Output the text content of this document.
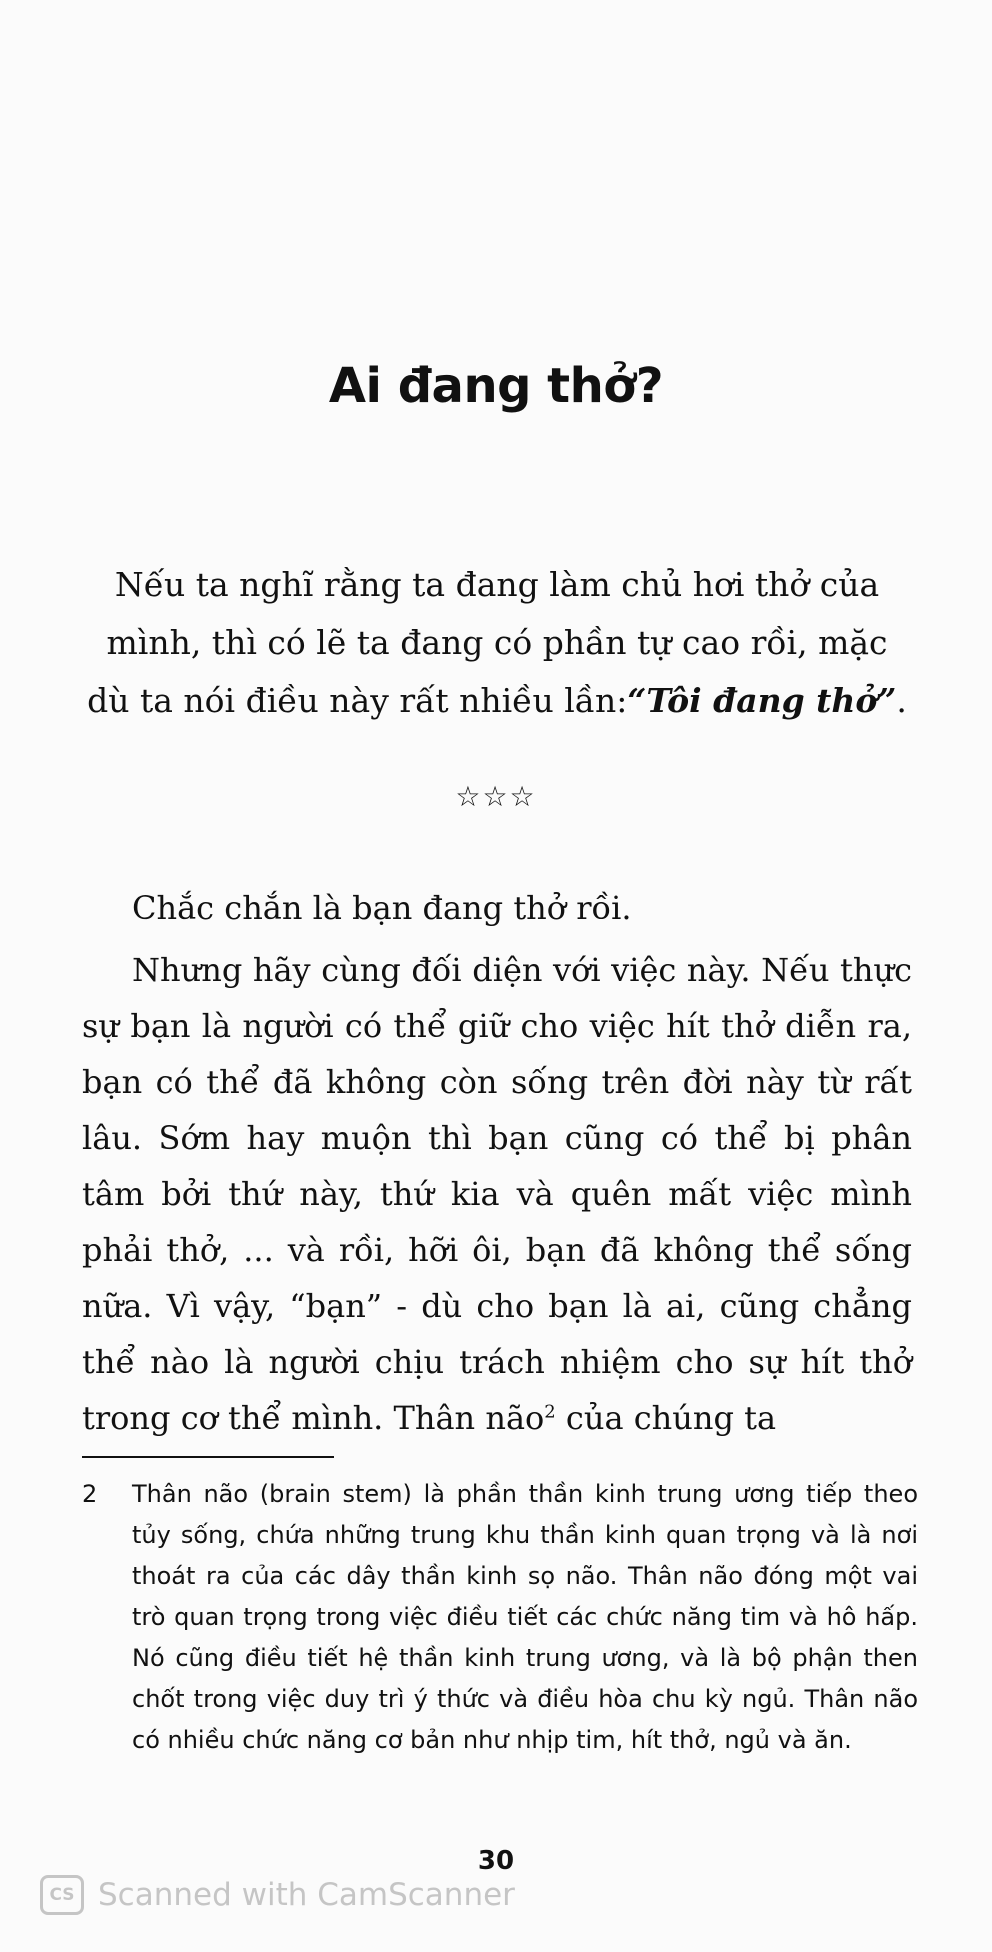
Ai đang thở?

Nếu ta nghĩ rằng ta đang làm chủ hơi thở của mình, thì có lẽ ta đang có phần tự cao rồi, mặc dù ta nói điều này rất nhiều lần:“Tôi đang thở”.

☆☆☆

Chắc chắn là bạn đang thở rồi.

Nhưng hãy cùng đối diện với việc này. Nếu thực sự bạn là người có thể giữ cho việc hít thở diễn ra, bạn có thể đã không còn sống trên đời này từ rất lâu. Sớm hay muộn thì bạn cũng có thể bị phân tâm bởi thứ này, thứ kia và quên mất việc mình phải thở, ... và rồi, hỡi ôi, bạn đã không thể sống nữa. Vì vậy, “bạn” - dù cho bạn là ai, cũng chẳng thể nào là người chịu trách nhiệm cho sự hít thở trong cơ thể mình. Thân não$^2$ của chúng ta

2	Thân não (brain stem) là phần thần kinh trung ương tiếp theo tủy sống, chứa những trung khu thần kinh quan trọng và là nơi thoát ra của các dây thần kinh sọ não. Thân não đóng một vai trò quan trọng trong việc điều tiết các chức năng tim và hô hấp. Nó cũng điều tiết hệ thần kinh trung ương, và là bộ phận then chốt trong việc duy trì ý thức và điều hòa chu kỳ ngủ. Thân não có nhiều chức năng cơ bản như nhịp tim, hít thở, ngủ và ăn.
30
CS Scanned with CamScanner
